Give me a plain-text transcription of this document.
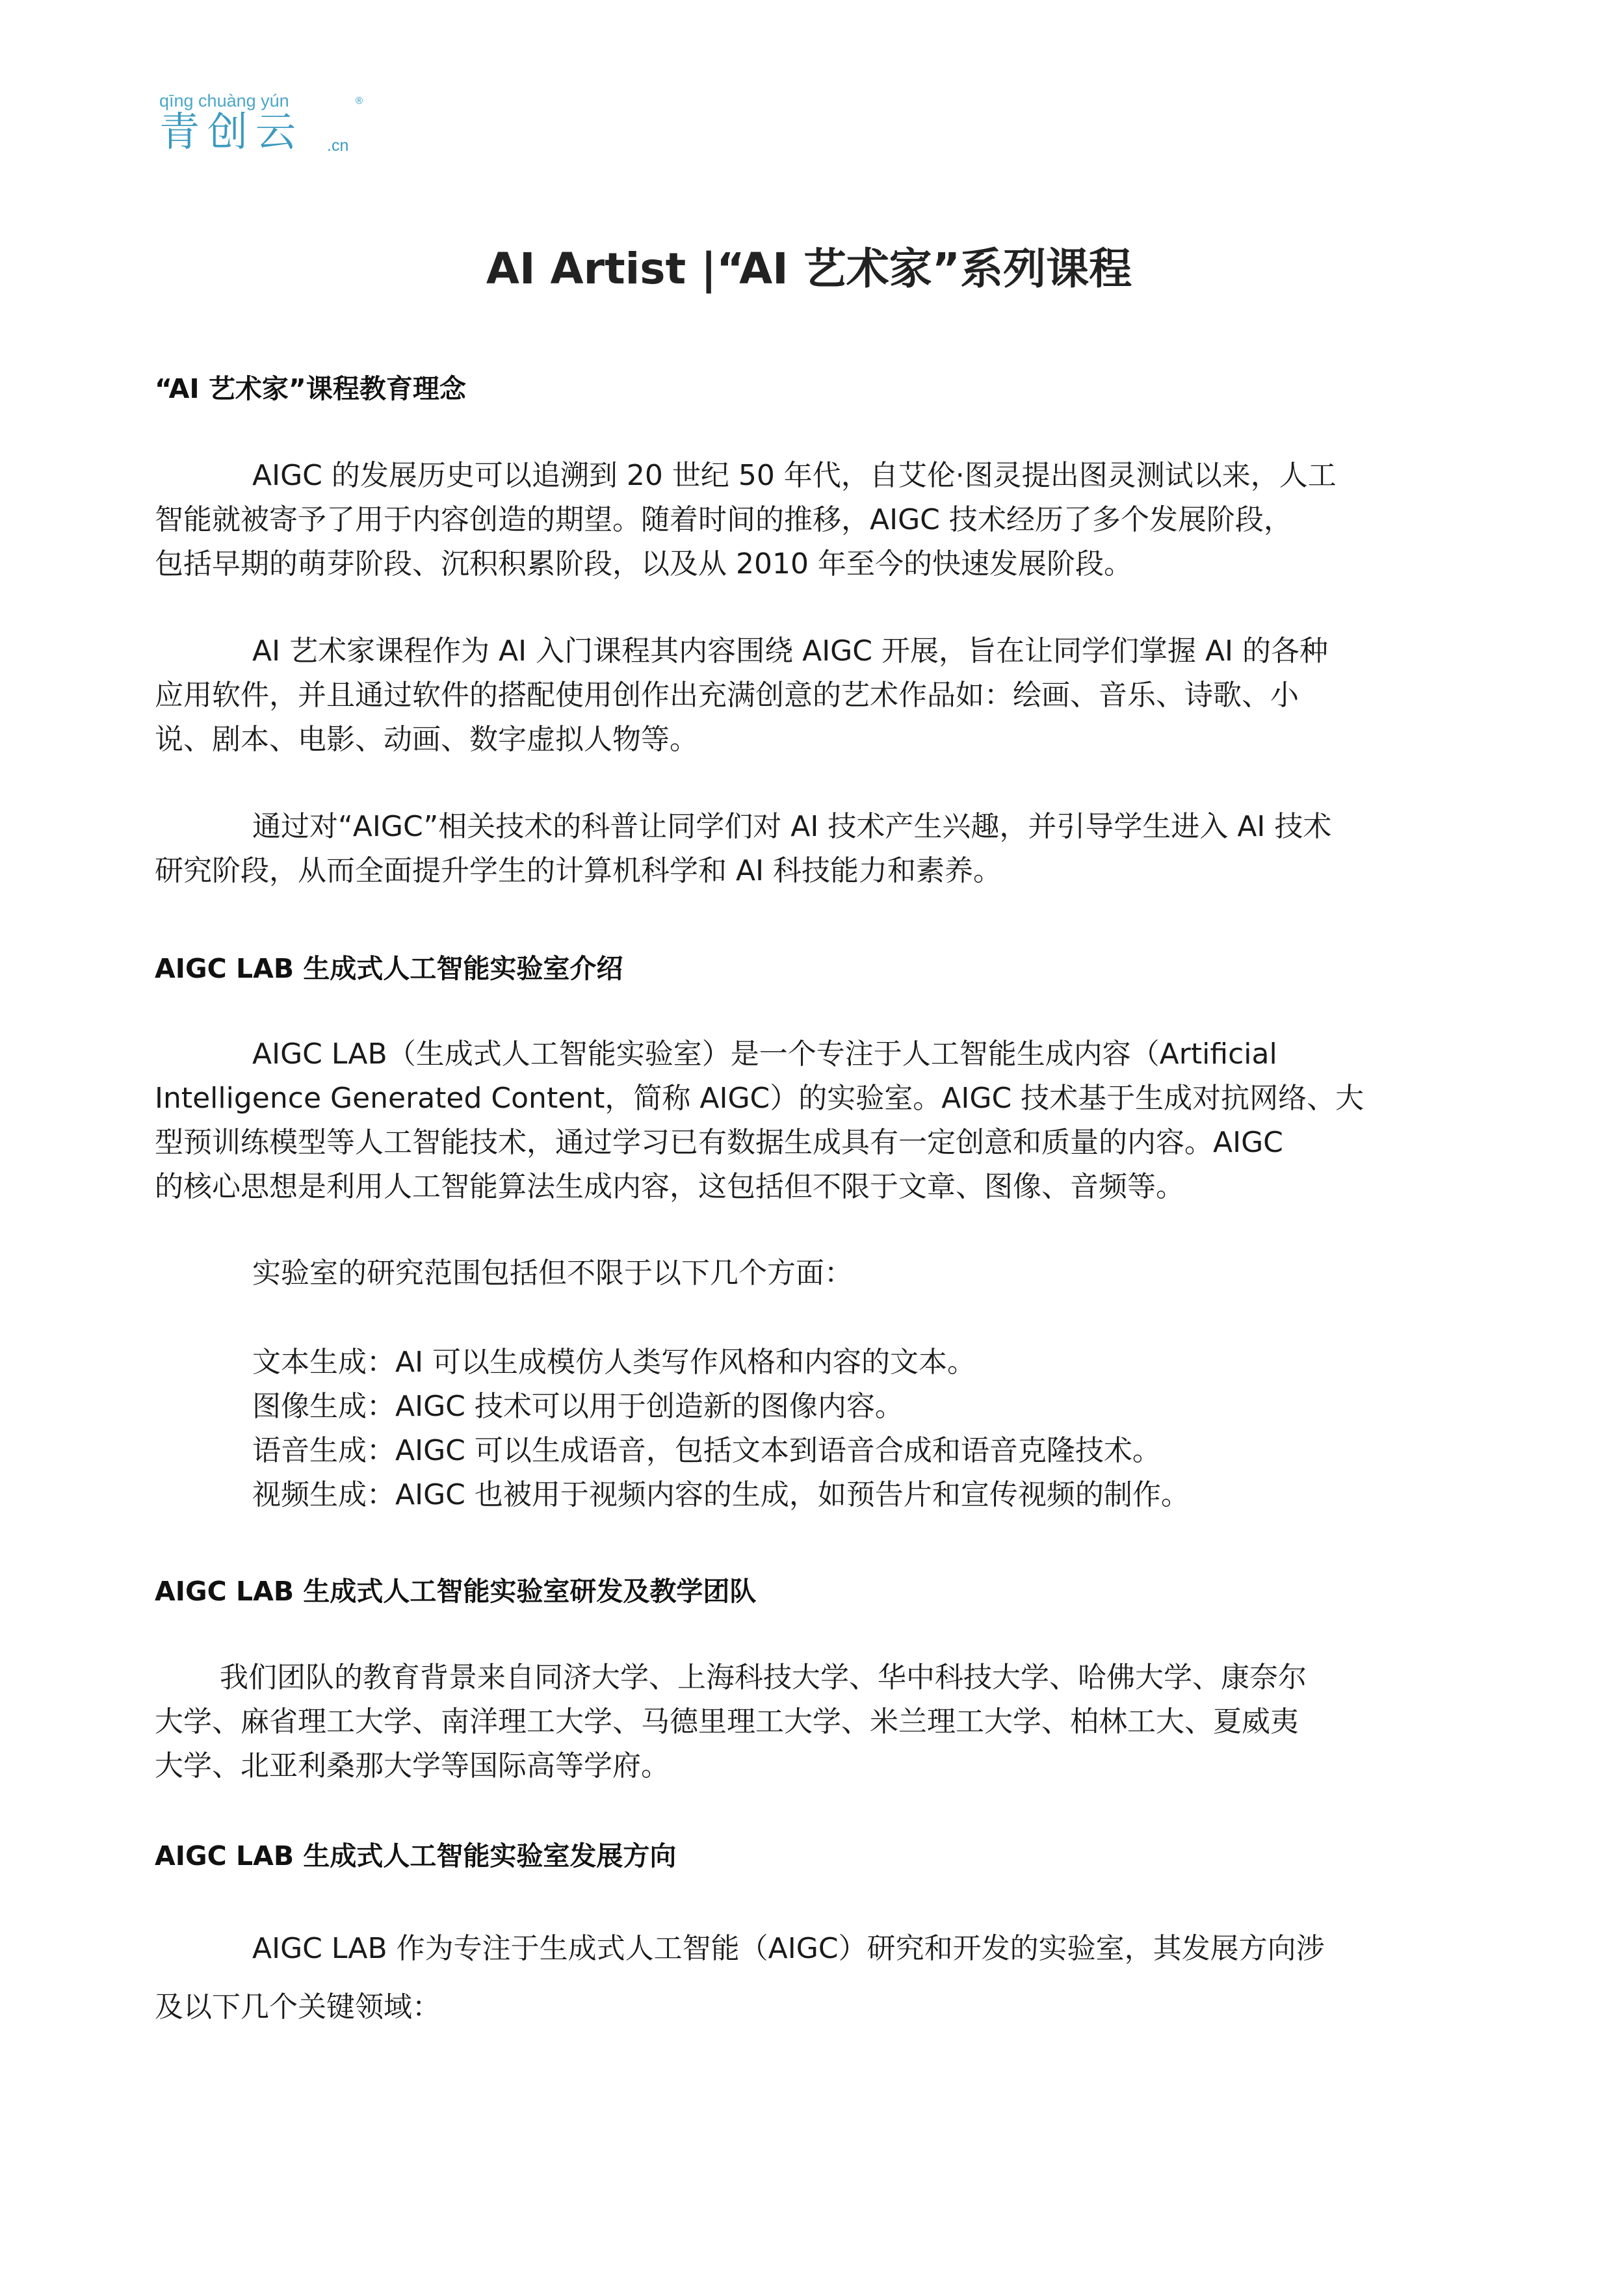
qīng chuàng yún	®
青创云 .cn
AI Artist |“AI 艺术家”系列课程
“AI 艺术家”课程教育理念

AIGC 的发展历史可以追溯到 20 世纪 50 年代，自艾伦·图灵提出图灵测试以来，人工
智能就被寄予了用于内容创造的期望。随着时间的推移，AIGC 技术经历了多个发展阶段，
包括早期的萌芽阶段、沉积积累阶段，以及从 2010 年至今的快速发展阶段。

AI 艺术家课程作为 AI 入门课程其内容围绕 AIGC 开展，旨在让同学们掌握 AI 的各种
应用软件，并且通过软件的搭配使用创作出充满创意的艺术作品如：绘画、音乐、诗歌、小
说、剧本、电影、动画、数字虚拟人物等。

通过对“AIGC”相关技术的科普让同学们对 AI 技术产生兴趣，并引导学生进入 AI 技术
研究阶段，从而全面提升学生的计算机科学和 AI 科技能力和素养。

AIGC LAB 生成式人工智能实验室介绍

AIGC LAB（生成式人工智能实验室）是一个专注于人工智能生成内容（Artificial
Intelligence Generated Content，简称 AIGC）的实验室。AIGC 技术基于生成对抗网络、大
型预训练模型等人工智能技术，通过学习已有数据生成具有一定创意和质量的内容。AIGC
的核心思想是利用人工智能算法生成内容，这包括但不限于文章、图像、音频等。

实验室的研究范围包括但不限于以下几个方面：

文本生成：AI 可以生成模仿人类写作风格和内容的文本。
图像生成：AIGC 技术可以用于创造新的图像内容。
语音生成：AIGC 可以生成语音，包括文本到语音合成和语音克隆技术。
视频生成：AIGC 也被用于视频内容的生成，如预告片和宣传视频的制作。
AIGC LAB 生成式人工智能实验室研发及教学团队

我们团队的教育背景来自同济大学、上海科技大学、华中科技大学、哈佛大学、康奈尔
大学、麻省理工大学、南洋理工大学、马德里理工大学、米兰理工大学、柏林工大、夏威夷
大学、北亚利桑那大学等国际高等学府。

AIGC LAB 生成式人工智能实验室发展方向

AIGC LAB 作为专注于生成式人工智能（AIGC）研究和开发的实验室，其发展方向涉
及以下几个关键领域：
